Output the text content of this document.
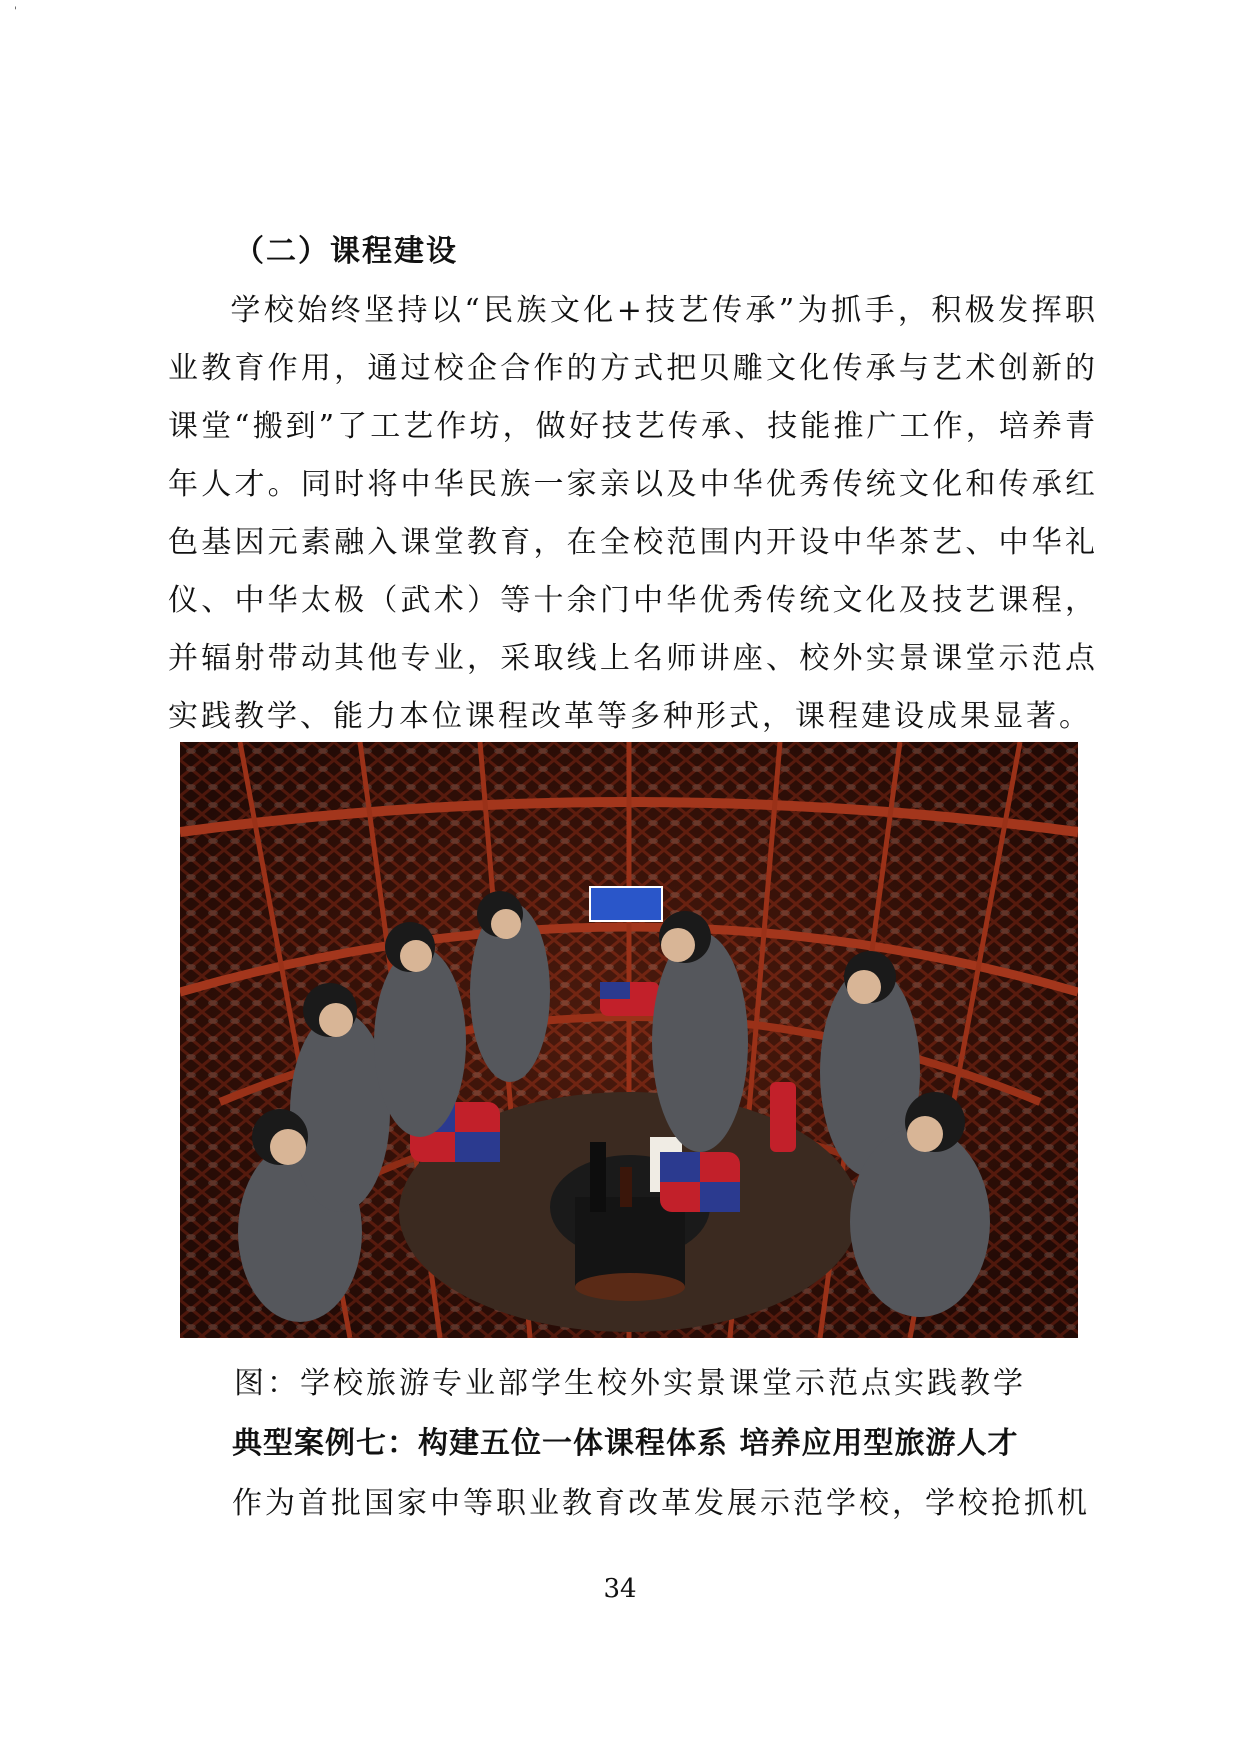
'
（二）课程建设

学校始终坚持以“民族文化+技艺传承”为抓手，积极发挥职业教育作用，通过校企合作的方式把贝雕文化传承与艺术创新的课堂“搬到”了工艺作坊，做好技艺传承、技能推广工作，培养青年人才。同时将中华民族一家亲以及中华优秀传统文化和传承红色基因元素融入课堂教育，在全校范围内开设中华茶艺、中华礼仪、中华太极（武术）等十余门中华优秀传统文化及技艺课程，并辐射带动其他专业，采取线上名师讲座、校外实景课堂示范点实践教学、能力本位课程改革等多种形式，课程建设成果显著。

图：学校旅游专业部学生校外实景课堂示范点实践教学
典型案例七：构建五位一体课程体系 培养应用型旅游人才
作为首批国家中等职业教育改革发展示范学校，学校抢抓机
34
